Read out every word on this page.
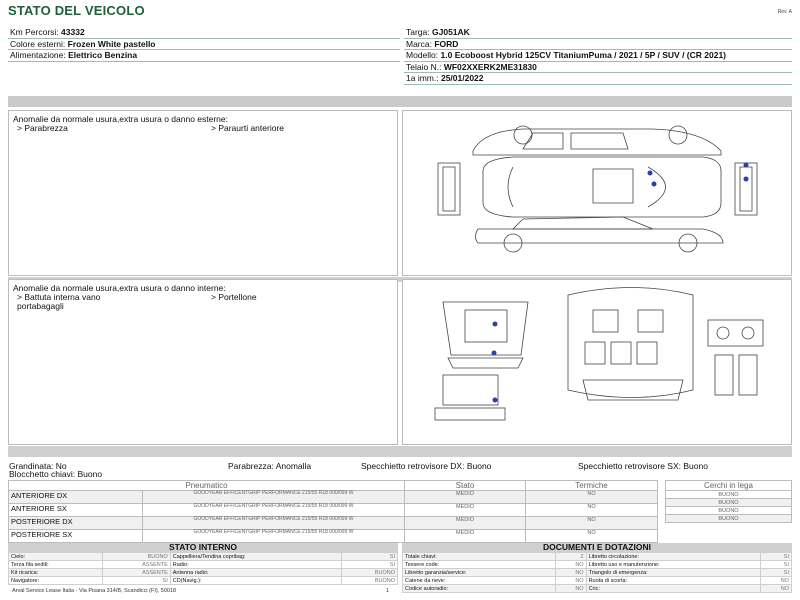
STATO DEL VEICOLO	Rev. A
Km Percorsi: 43332
Colore esterni: Frozen White pastello
Alimentazione: Elettrico Benzina
Targa: GJ051AK
Marca: FORD
Modello: 1.0 Ecoboost Hybrid 125CV TitaniumPuma / 2021 / 5P / SUV / (CR 2021)
Telaio N.: WF02XXERK2ME31830
1a imm.: 25/01/2022
Anomalie da normale usura,extra usura o danno esterne:
> Parabrezza	> Paraurti anteriore
Anomalie da normale usura,extra usura o danno interne:
> Battuta interna vano portabagagli
> Portellone
Grandinata: No	Parabrezza: Anomalla	Specchietto retrovisore DX: Buono	Specchietto retrovisore SX: Buono
Blocchetto chiavi: Buono
Pneumatico		Stato	Termiche
ANTERIORE DX	GOODYEAR EFFICENTGRIP PERFORMANCE 215/55 R18 000/099 W	MEDIO	NO
ANTERIORE SX	GOODYEAR EFFICENTGRIP PERFORMANCE 215/55 R18 000/099 W	MEDIO	NO
POSTERIORE DX	GOODYEAR EFFICENTGRIP PERFORMANCE 215/55 R18 000/099 W	MEDIO	NO
POSTERIORE SX	GOODYEAR EFFICENTGRIP PERFORMANCE 215/55 R18 000/099 W	MEDIO	NO
Cerchi in lega
BUONO
BUONO
BUONO
BUONO
STATO INTERNO
Cielo:	BUONO	Cappelliera/Tendina copribag:	SI
Terza fila sedili:	ASSENTE	Radio:	SI
Kit ricarica:	ASSENTE	Antenna radio:	BUONO
Navigatore:	SI	CD(Navig.):	BUONO
DOCUMENTI E DOTAZIONI
Totale chiavi:	2	Libretto circolazione:	SI
Tessere code:	NO	Libretto uso e manutenzione:	SI
Libretto garanzia/service:	NO	Triangolo di emergenza:	SI
Catene da neve:	NO	Ruota di scorta:	NO
Codice autoradio:	NO	Cric:	NO
Arval Service Lease Italia - Via Pisana 314/B, Scandicci (FI), 50018	1
